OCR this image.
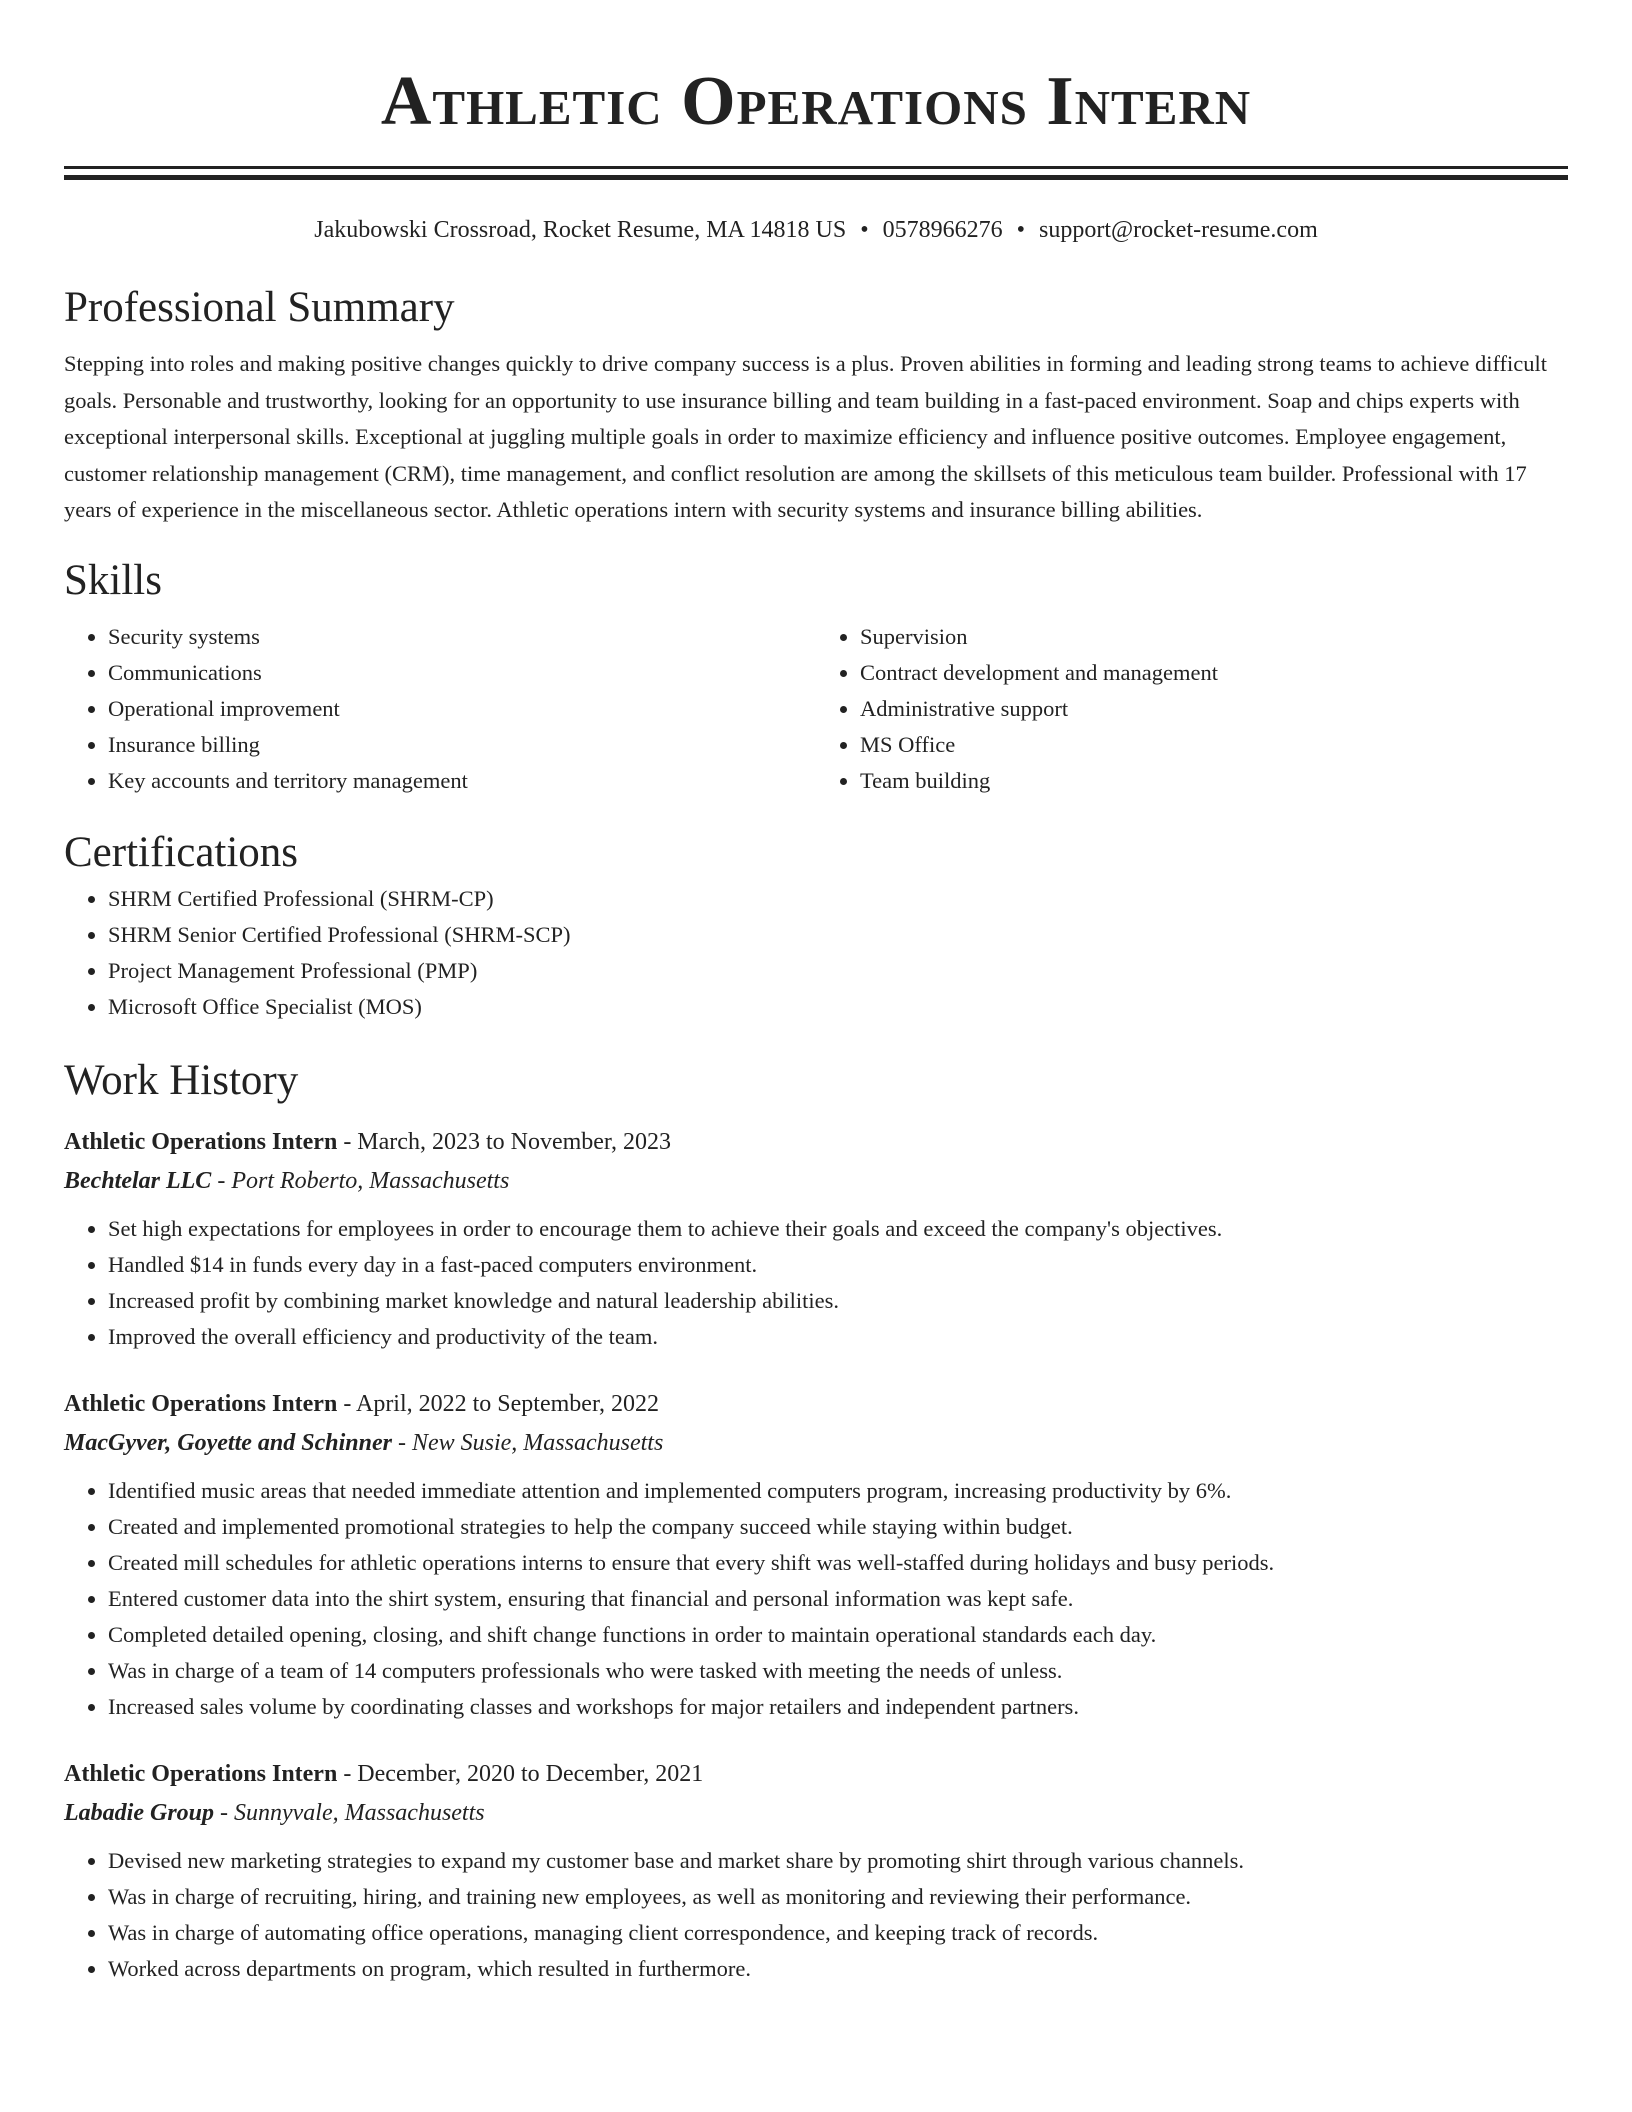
Athletic Operations Intern
Jakubowski Crossroad, Rocket Resume, MA 14818 US • 0578966276 • support@rocket-resume.com
Professional Summary

Stepping into roles and making positive changes quickly to drive company success is a plus. Proven abilities in forming and leading strong teams to achieve difficult goals. Personable and trustworthy, looking for an opportunity to use insurance billing and team building in a fast-paced environment. Soap and chips experts with exceptional interpersonal skills. Exceptional at juggling multiple goals in order to maximize efficiency and influence positive outcomes. Employee engagement, customer relationship management (CRM), time management, and conflict resolution are among the skillsets of this meticulous team builder. Professional with 17 years of experience in the miscellaneous sector. Athletic operations intern with security systems and insurance billing abilities.

Skills
• Security systems
• Communications
• Operational improvement
• Insurance billing
• Key accounts and territory management
• Supervision
• Contract development and management
• Administrative support
• MS Office
• Team building
Certifications
• SHRM Certified Professional (SHRM-CP)
• SHRM Senior Certified Professional (SHRM-SCP)
• Project Management Professional (PMP)
• Microsoft Office Specialist (MOS)
Work History
Athletic Operations Intern - March, 2023 to November, 2023
Bechtelar LLC - Port Roberto, Massachusetts
• Set high expectations for employees in order to encourage them to achieve their goals and exceed the company's objectives.
• Handled $14 in funds every day in a fast-paced computers environment.
• Increased profit by combining market knowledge and natural leadership abilities.
• Improved the overall efficiency and productivity of the team.
Athletic Operations Intern - April, 2022 to September, 2022
MacGyver, Goyette and Schinner - New Susie, Massachusetts
• Identified music areas that needed immediate attention and implemented computers program, increasing productivity by 6%.
• Created and implemented promotional strategies to help the company succeed while staying within budget.
• Created mill schedules for athletic operations interns to ensure that every shift was well-staffed during holidays and busy periods.
• Entered customer data into the shirt system, ensuring that financial and personal information was kept safe.
• Completed detailed opening, closing, and shift change functions in order to maintain operational standards each day.
• Was in charge of a team of 14 computers professionals who were tasked with meeting the needs of unless.
• Increased sales volume by coordinating classes and workshops for major retailers and independent partners.
Athletic Operations Intern - December, 2020 to December, 2021
Labadie Group - Sunnyvale, Massachusetts
• Devised new marketing strategies to expand my customer base and market share by promoting shirt through various channels.
• Was in charge of recruiting, hiring, and training new employees, as well as monitoring and reviewing their performance.
• Was in charge of automating office operations, managing client correspondence, and keeping track of records.
• Worked across departments on program, which resulted in furthermore.
